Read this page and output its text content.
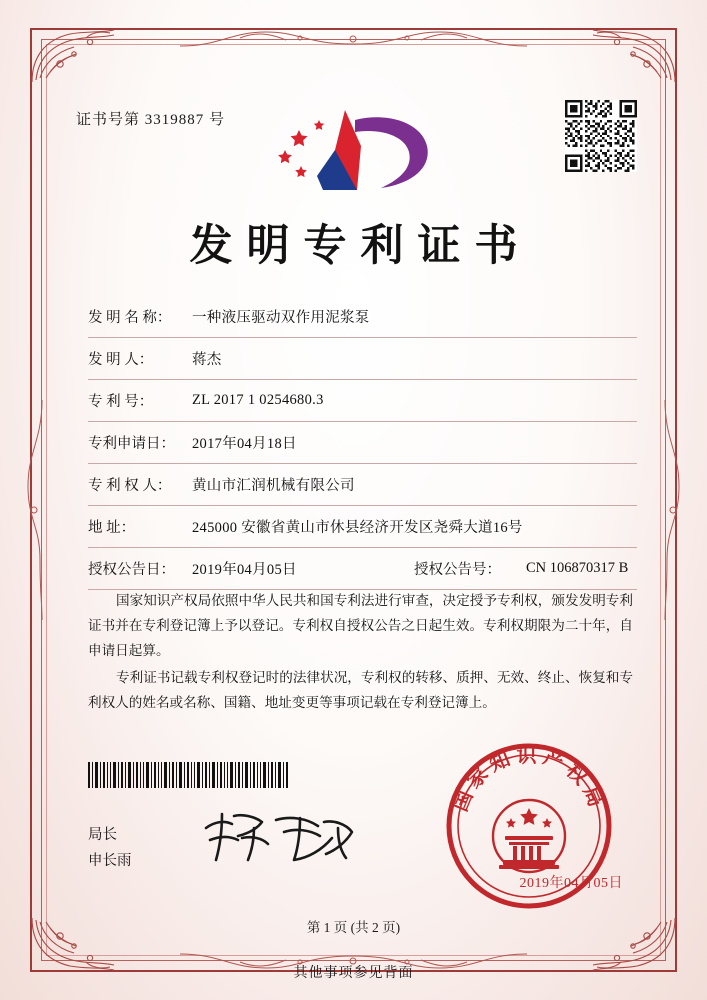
证书号第 3319887 号
发明专利证书
发 明 名 称：	一种液压驱动双作用泥浆泵
发 明 人：	蒋杰
专 利 号：	ZL 2017 1 0254680.3
专利申请日：	2017年04月18日
专 利 权 人：	黄山市汇润机械有限公司
地 址：	245000 安徽省黄山市休县经济开发区尧舜大道16号
授权公告日：	2019年04月05日	授权公告号：	CN 106870317 B

国家知识产权局依照中华人民共和国专利法进行审查，决定授予专利权，颁发发明专利证书并在专利登记簿上予以登记。专利权自授权公告之日起生效。专利权期限为二十年，自申请日起算。

专利证书记载专利权登记时的法律状况，专利权的转移、质押、无效、终止、恢复和专利权人的姓名或名称、国籍、地址变更等事项记载在专利登记簿上。

局长
申长雨
国家知识产权局
2019年04月05日
第 1 页 (共 2 页)
其他事项参见背面
